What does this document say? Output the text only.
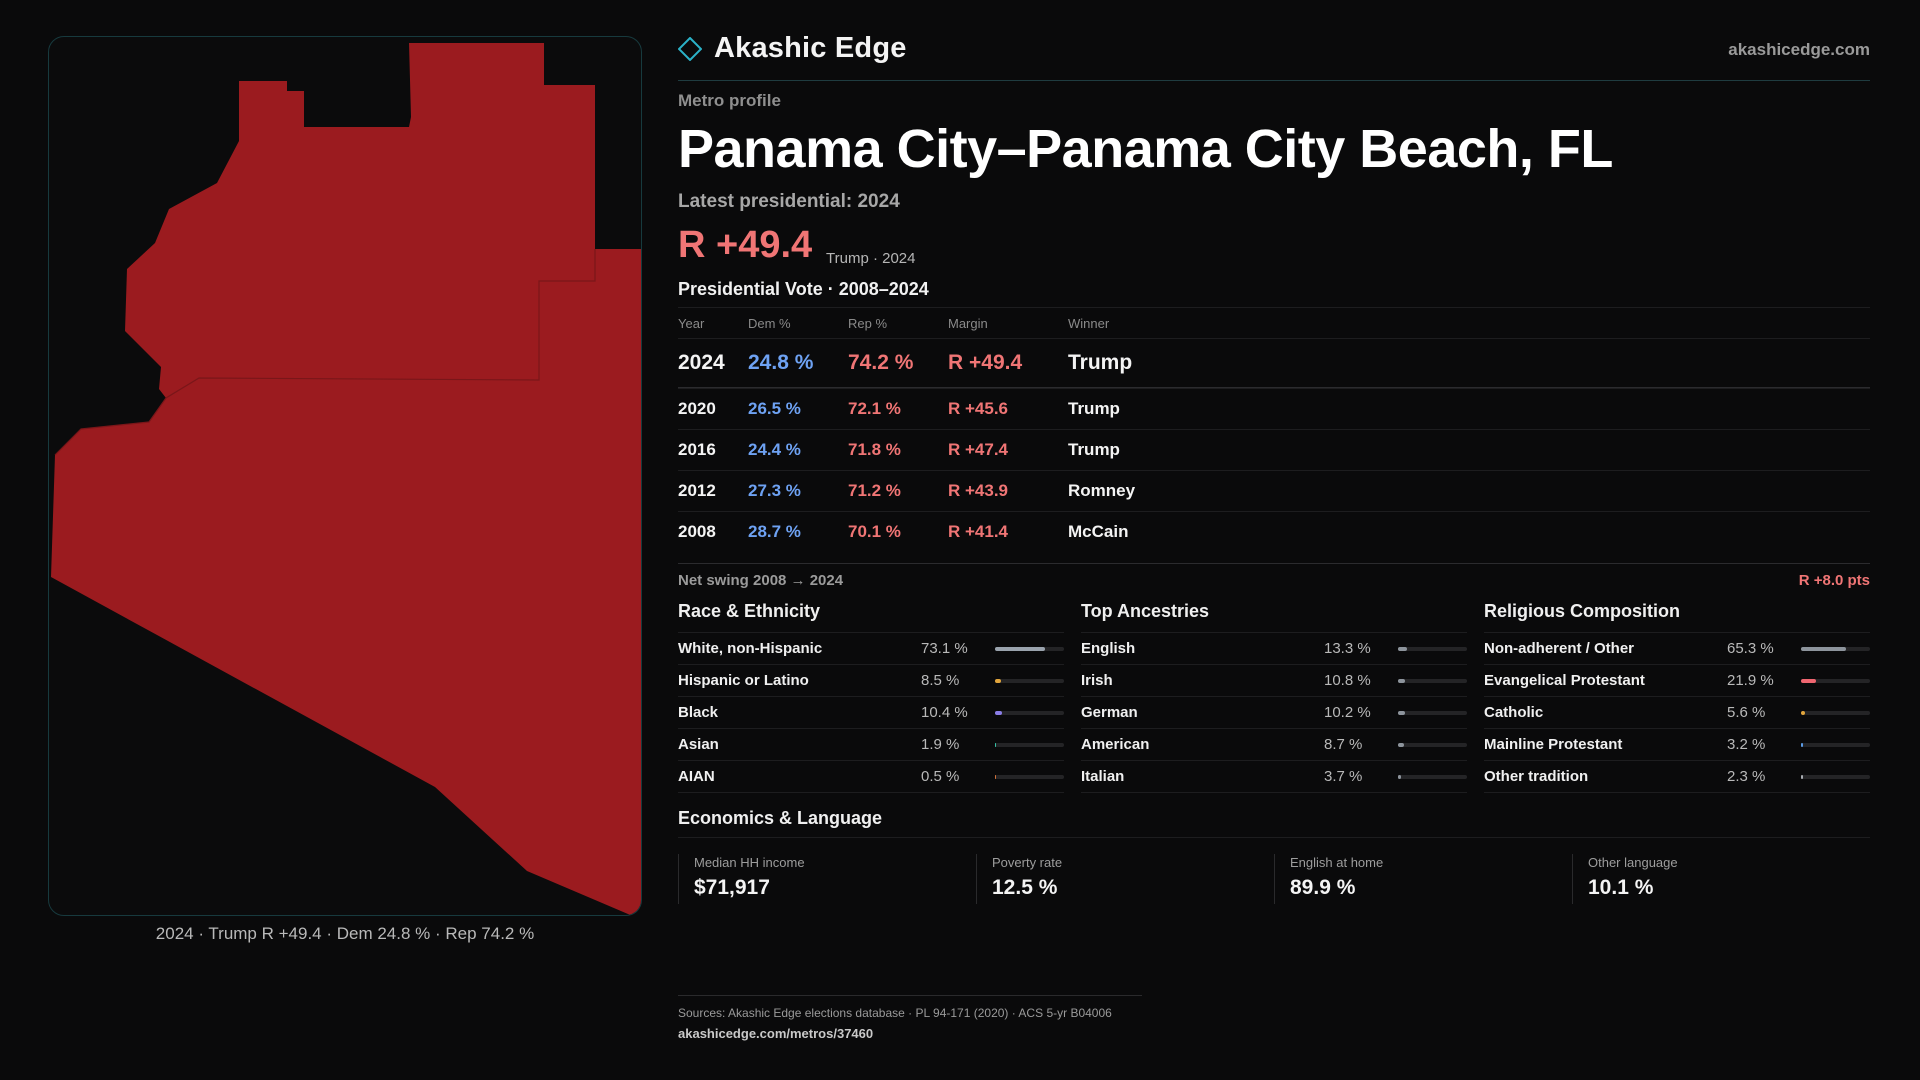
2024 · Trump R +49.4 · Dem 24.8 % · Rep 74.2 %
Akashic Edge	akashicedge.com
Metro profile
Panama City–Panama City Beach, FL
Latest presidential: 2024
R +49.4 Trump · 2024
Presidential Vote · 2008–2024
Year	Dem %	Rep %	Margin	Winner
2024	24.8 %	74.2 %	R +49.4	Trump
2020	26.5 %	72.1 %	R +45.6	Trump
2016	24.4 %	71.8 %	R +47.4	Trump
2012	27.3 %	71.2 %	R +43.9	Romney
2008	28.7 %	70.1 %	R +41.4	McCain
Net swing 2008 → 2024	R +8.0 pts
Race & Ethnicity
White, non-Hispanic	73.1 %
Hispanic or Latino	8.5 %
Black	10.4 %
Asian	1.9 %
AIAN	0.5 %
Top Ancestries
English	13.3 %
Irish	10.8 %
German	10.2 %
American	8.7 %
Italian	3.7 %
Religious Composition
Non-adherent / Other	65.3 %
Evangelical Protestant	21.9 %
Catholic	5.6 %
Mainline Protestant	3.2 %
Other tradition	2.3 %
Economics & Language
Median HH income
$71,917
Poverty rate
12.5 %
English at home
89.9 %
Other language
10.1 %
Sources: Akashic Edge elections database · PL 94-171 (2020) · ACS 5-yr B04006
akashicedge.com/metros/37460
